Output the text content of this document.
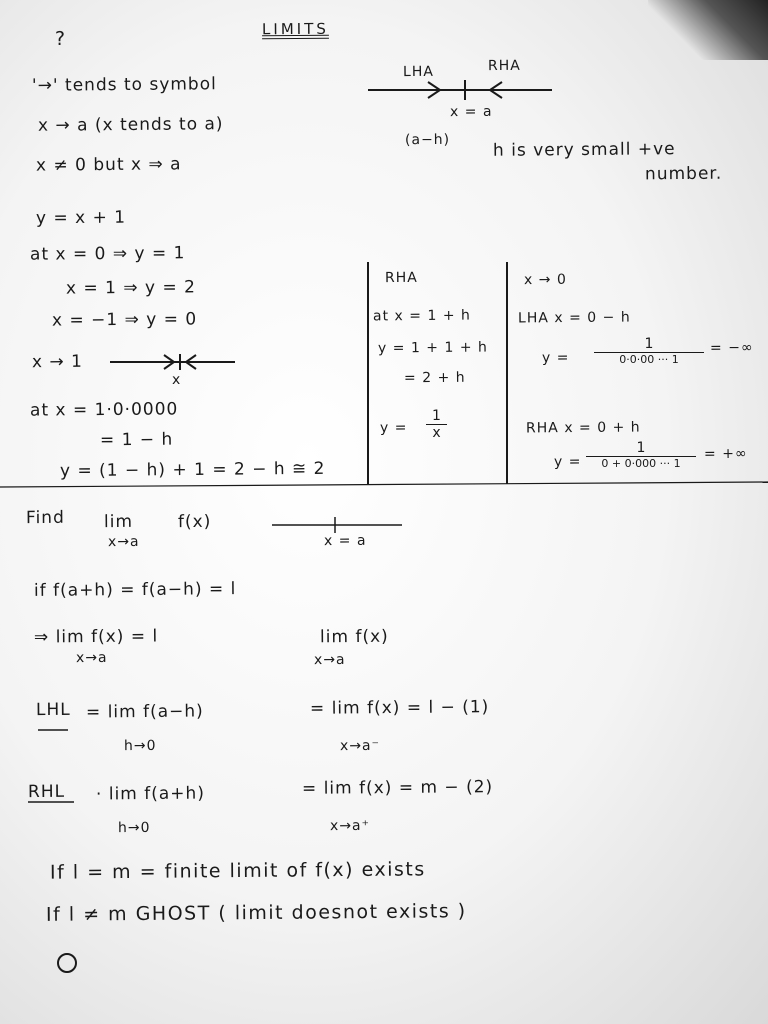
LIMITS
?
'→' tends to symbol
x → a (x tends to a)
x ≠ 0 but x ⇒ a
LHA	RHA
x = a
(a−h)	h is very small +ve
number.
y = x + 1
at x = 0 ⇒ y = 1
x = 1 ⇒ y = 2
x = −1 ⇒ y = 0
x → 1
x
at x = 1·0·0000
= 1 − h
y = (1 − h) + 1 = 2 − h ≅ 2
RHA
at x = 1 + h
y = 1 + 1 + h
= 2 + h
$y = \frac{1}{x}$
x → 0
LHA x = 0 − h
y =
1
0·0·00 ··· 1
= −∞
RHA x = 0 + h
y =
1
0 + 0·000 ··· 1
= +∞
Find lim	f(x)
x→a	x = a
if f(a+h) = f(a−h) = l
⇒ lim f(x) = l
x→a
lim f(x)
x→a
LHL = lim f(a−h)
h→0
= lim f(x) = l − (1)
x→a⁻
RHL · lim f(a+h)
h→0
= lim f(x) = m − (2)
x→a⁺
If l = m = finite limit of f(x) exists
If l ≠ m GHOST ( limit doesnot exists )
